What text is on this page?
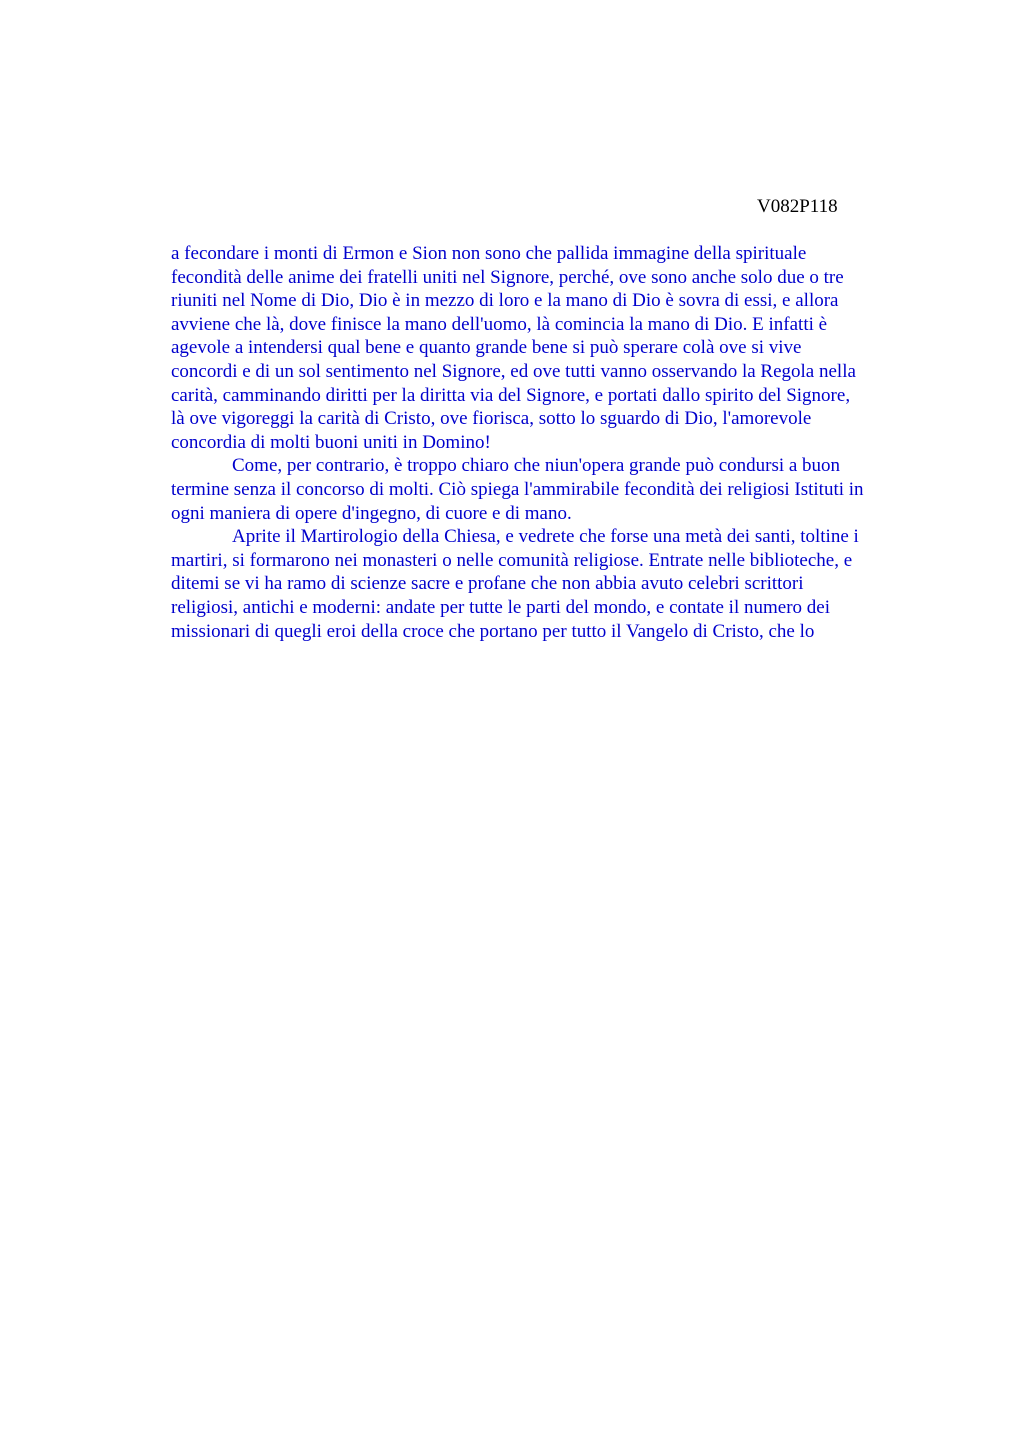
V082P118
a fecondare i monti di Ermon e Sion non sono che pallida immagine della spirituale
fecondità delle anime dei fratelli uniti nel Signore, perché, ove sono anche solo due o tre
riuniti nel Nome di Dio, Dio è in mezzo di loro e la mano di Dio è sovra di essi, e allora
avviene che là, dove finisce la mano dell'uomo, là comincia la mano di Dio. E infatti è
agevole a intendersi qual bene e quanto grande bene si può sperare colà ove si vive
concordi e di un sol sentimento nel Signore, ed ove tutti vanno osservando la Regola nella
carità, camminando diritti per la diritta via del Signore, e portati dallo spirito del Signore,
là ove vigoreggi la carità di Cristo, ove fiorisca, sotto lo sguardo di Dio, l'amorevole
concordia di molti buoni uniti in Domino!
Come, per contrario, è troppo chiaro che niun'opera grande può condursi a buon
termine senza il concorso di molti. Ciò spiega l'ammirabile fecondità dei religiosi Istituti in
ogni maniera di opere d'ingegno, di cuore e di mano.
Aprite il Martirologio della Chiesa, e vedrete che forse una metà dei santi, toltine i
martiri, si formarono nei monasteri o nelle comunità religiose. Entrate nelle biblioteche, e
ditemi se vi ha ramo di scienze sacre e profane che non abbia avuto celebri scrittori
religiosi, antichi e moderni: andate per tutte le parti del mondo, e contate il numero dei
missionari di quegli eroi della croce che portano per tutto il Vangelo di Cristo, che lo
